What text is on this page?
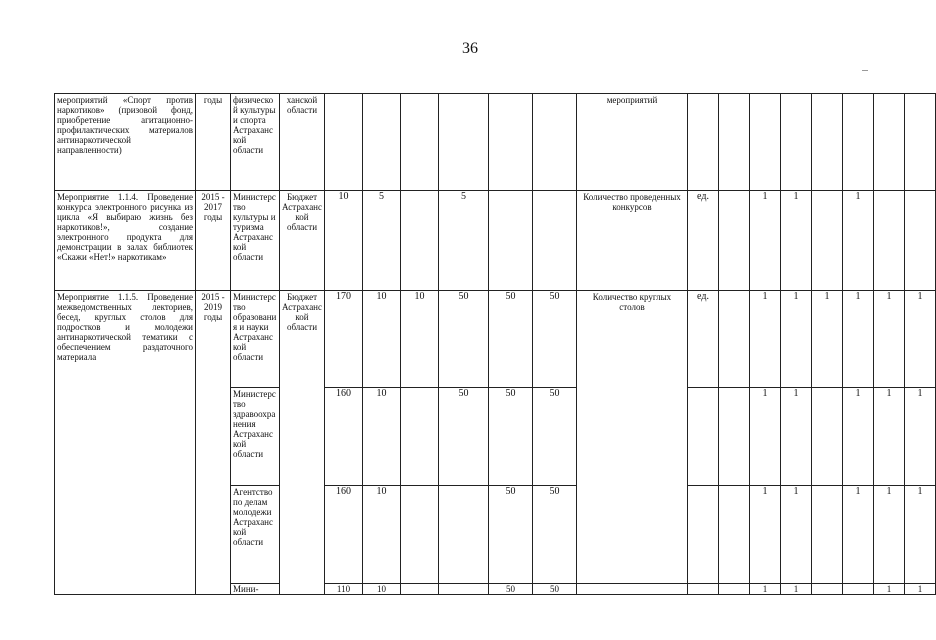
36
мероприятий «Спорт против наркотиков» (призовой фонд, приобретение агитационно-профилактических материалов антинаркотической направленности)	годы	физической культуры и спорта Астраханской области	ханской области							мероприятий								
Мероприятие 1.1.4. Проведение конкурса электронного рисунка из цикла «Я выбираю жизнь без наркотиков!», создание электронного продукта для демонстрации в залах библиотек «Скажи «Нет!» наркотикам»	2015 - 2017 годы	Министерство культуры и туризма Астраханской области	Бюджет Астраханской области	10	5		5			Количество проведенных конкурсов	ед.		1	1		1		
Мероприятие 1.1.5. Проведение межведомственных лекториев, бесед, круглых столов для подростков и молодежи антинаркотической тематики с обеспечением раздаточного материала	2015 - 2019 годы	Министерство образования и науки Астраханской области	Бюджет Астраханской области	170	10	10	50	50	50	Количество круглых столов	ед.		1	1	1	1	1	1
		Министерство здравоохранения Астраханской области		160	10		50	50	50				1	1		1	1	1
		Агентство по делам молодежи Астраханской области		160	10			50	50				1	1		1	1	1
		Мини-		110	10			50	50				1	1			1	1
